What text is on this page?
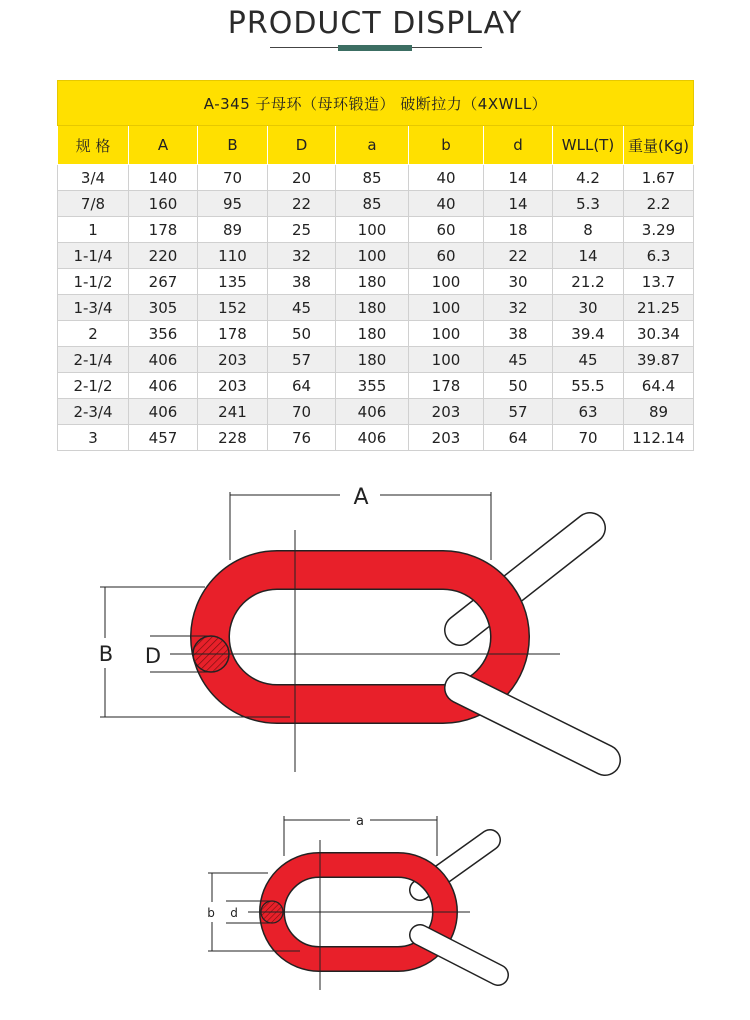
PRODUCT DISPLAY
A-345 子母环（母环锻造） 破断拉力（4XWLL）								
规 格	A	B	D	a	b	d	WLL(T)	重量(Kg)
3/4	140	70	20	85	40	14	4.2	1.67
7/8	160	95	22	85	40	14	5.3	2.2
1	178	89	25	100	60	18	8	3.29
1-1/4	220	110	32	100	60	22	14	6.3
1-1/2	267	135	38	180	100	30	21.2	13.7
1-3/4	305	152	45	180	100	32	30	21.25
2	356	178	50	180	100	38	39.4	30.34
2-1/4	406	203	57	180	100	45	45	39.87
2-1/2	406	203	64	355	178	50	55.5	64.4
2-3/4	406	241	70	406	203	57	63	89
3	457	228	76	406	203	64	70	112.14
A
B D
a
b d
